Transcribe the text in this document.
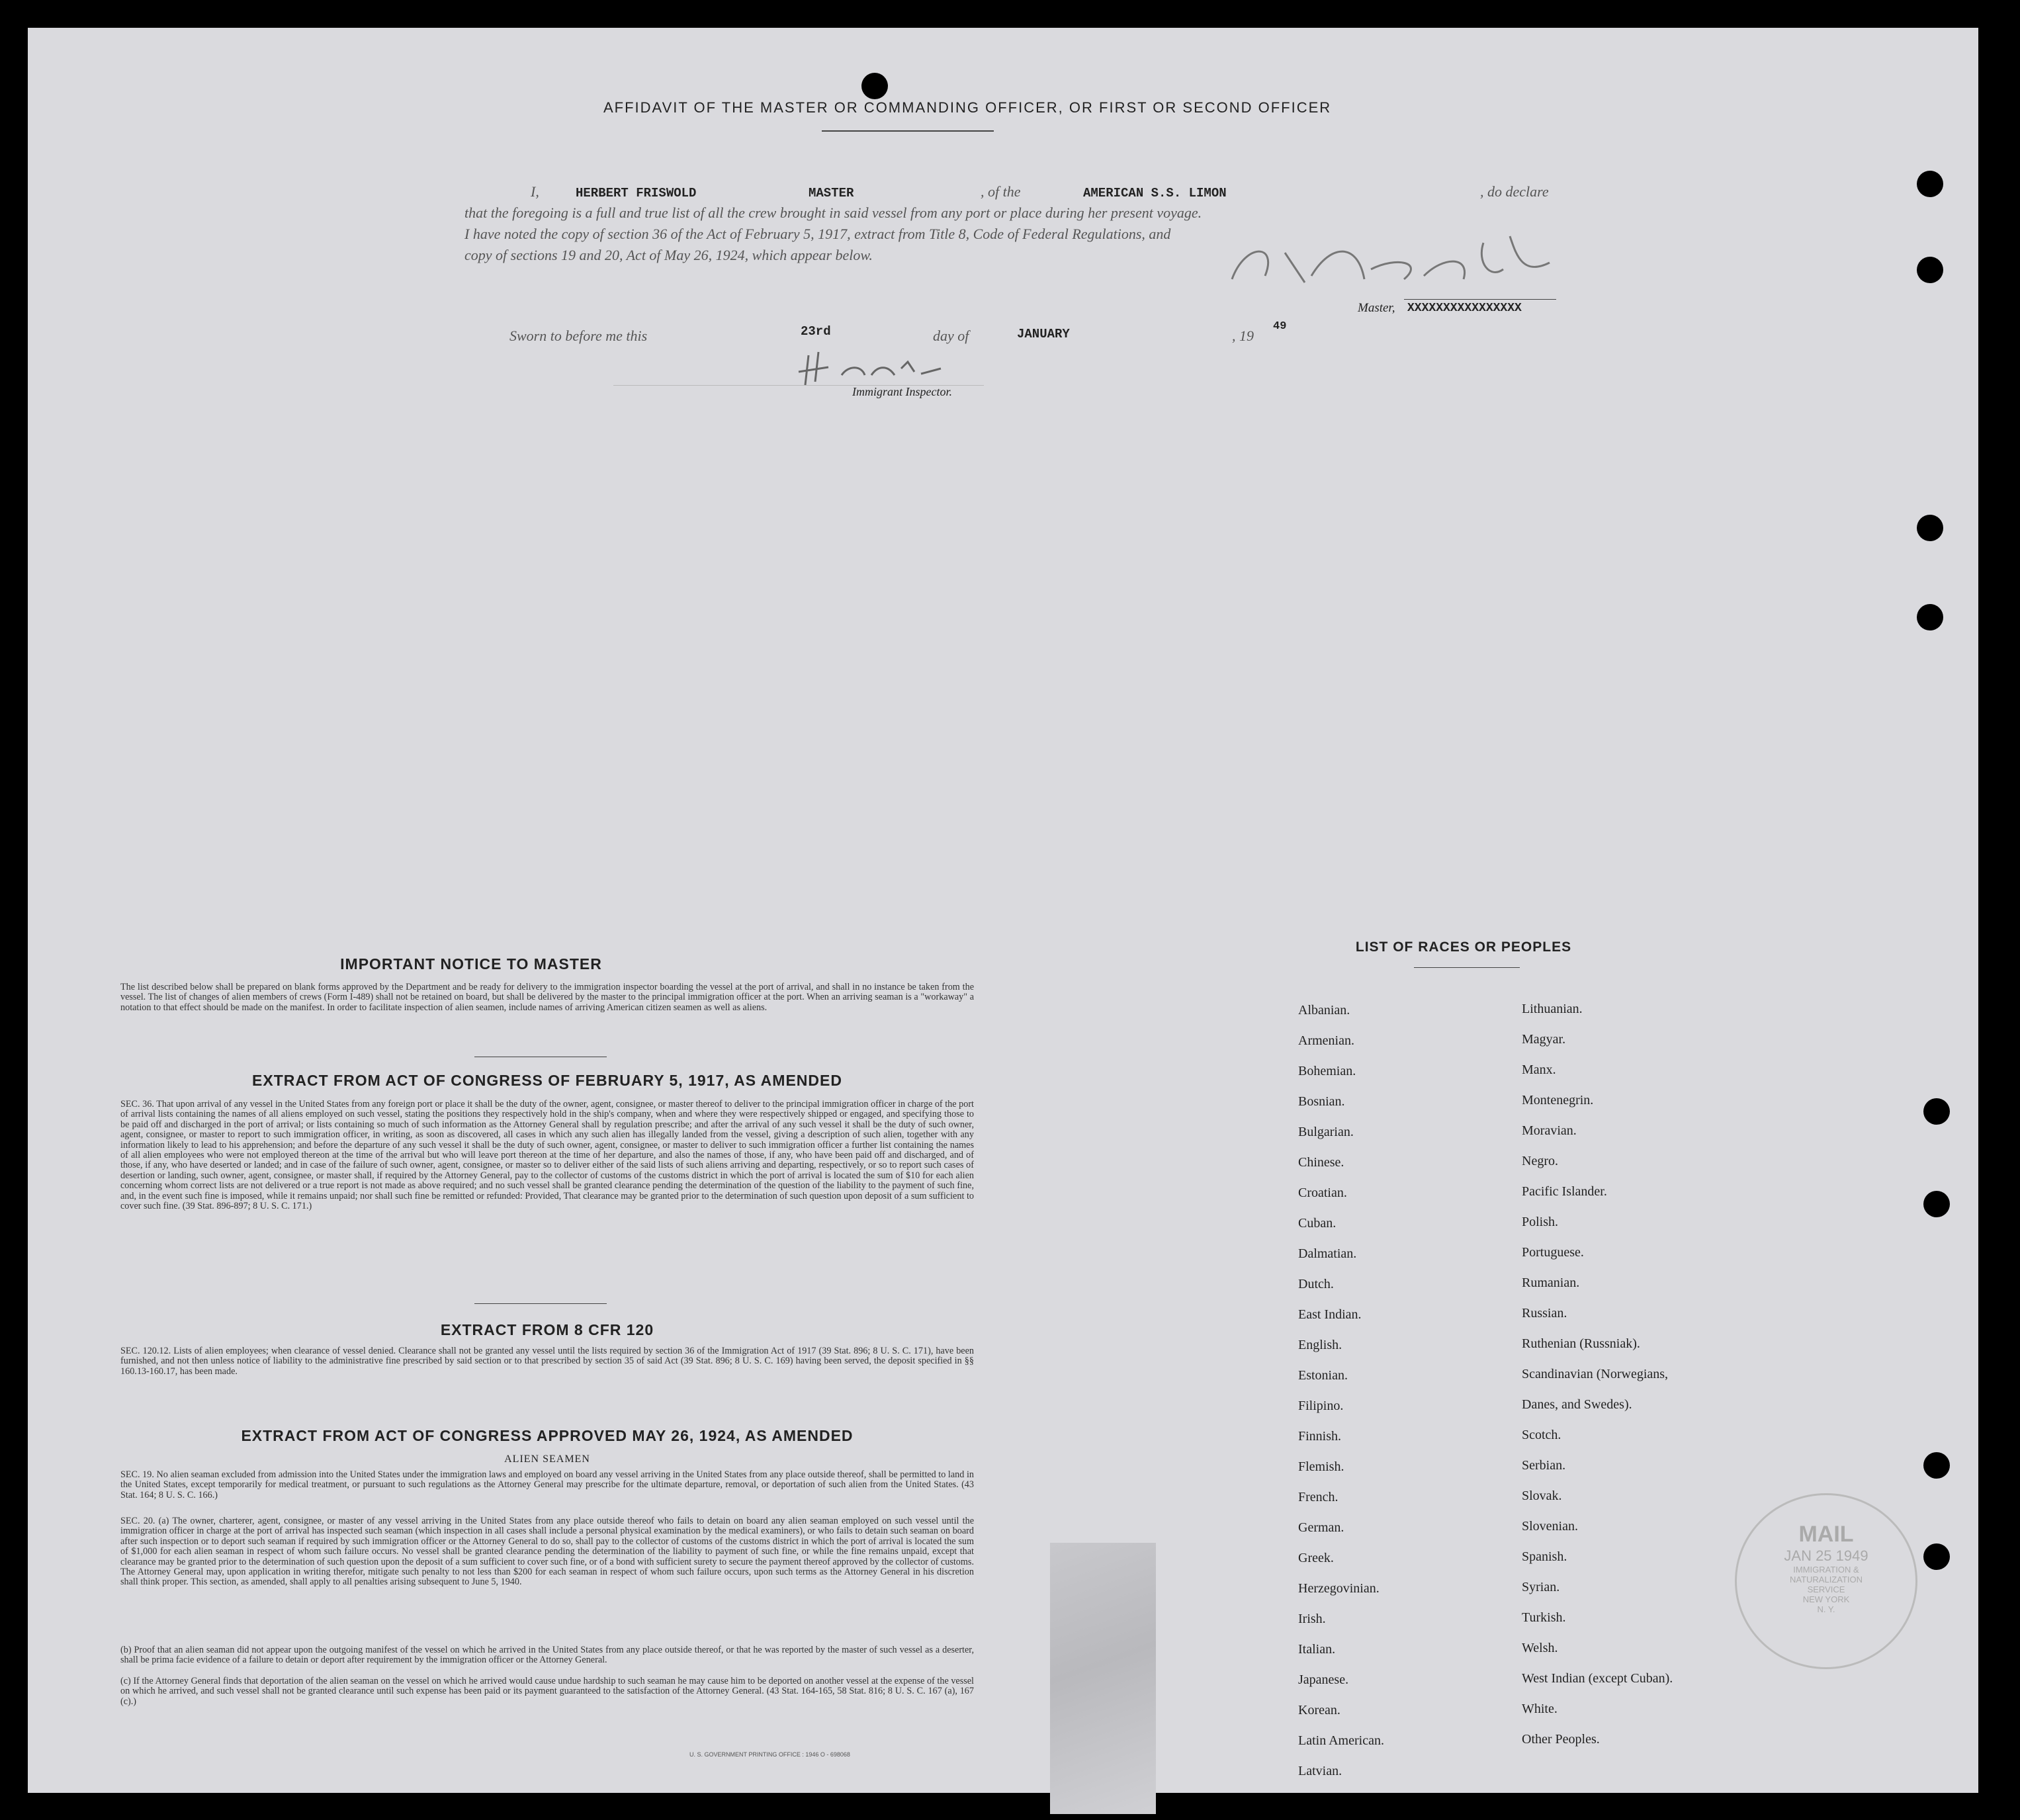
AFFIDAVIT OF THE MASTER OR COMMANDING OFFICER, OR FIRST OR SECOND OFFICER
I,	HERBERT FRISWOLD	MASTER	, of the	AMERICAN S.S. LIMON	, do declare
that the foregoing is a full and true list of all the crew brought in said vessel from any port or place during her present voyage.
I have noted the copy of section 36 of the Act of February 5, 1917, extract from Title 8, Code of Federal Regulations, and
copy of sections 19 and 20, Act of May 26, 1924, which appear below.
Master, XXXXXXXXXXXXXXXX
Sworn to before me this	23rd	day of	JANUARY	, 19
49
Immigrant Inspector.
IMPORTANT NOTICE TO MASTER
The list described below shall be prepared on blank forms approved by the Department and be ready for delivery to the immigration inspector boarding the vessel at the port of arrival, and shall in no instance be taken from the vessel. The list of changes of alien members of crews (Form I-489) shall not be retained on board, but shall be delivered by the master to the principal immigration officer at the port. When an arriving seaman is a "workaway" a notation to that effect should be made on the manifest. In order to facilitate inspection of alien seamen, include names of arriving American citizen seamen as well as aliens.
EXTRACT FROM ACT OF CONGRESS OF FEBRUARY 5, 1917, AS AMENDED
SEC. 36. That upon arrival of any vessel in the United States from any foreign port or place it shall be the duty of the owner, agent, consignee, or master thereof to deliver to the principal immigration officer in charge of the port of arrival lists containing the names of all aliens employed on such vessel, stating the positions they respectively hold in the ship's company, when and where they were respectively shipped or engaged, and specifying those to be paid off and discharged in the port of arrival; or lists containing so much of such information as the Attorney General shall by regulation prescribe; and after the arrival of any such vessel it shall be the duty of such owner, agent, consignee, or master to report to such immigration officer, in writing, as soon as discovered, all cases in which any such alien has illegally landed from the vessel, giving a description of such alien, together with any information likely to lead to his apprehension; and before the departure of any such vessel it shall be the duty of such owner, agent, consignee, or master to deliver to such immigration officer a further list containing the names of all alien employees who were not employed thereon at the time of the arrival but who will leave port thereon at the time of her departure, and also the names of those, if any, who have been paid off and discharged, and of those, if any, who have deserted or landed; and in case of the failure of such owner, agent, consignee, or master so to deliver either of the said lists of such aliens arriving and departing, respectively, or so to report such cases of desertion or landing, such owner, agent, consignee, or master shall, if required by the Attorney General, pay to the collector of customs of the customs district in which the port of arrival is located the sum of $10 for each alien concerning whom correct lists are not delivered or a true report is not made as above required; and no such vessel shall be granted clearance pending the determination of the question of the liability to the payment of such fine, and, in the event such fine is imposed, while it remains unpaid; nor shall such fine be remitted or refunded: Provided, That clearance may be granted prior to the determination of such question upon deposit of a sum sufficient to cover such fine. (39 Stat. 896-897; 8 U. S. C. 171.)
EXTRACT FROM 8 CFR 120
SEC. 120.12. Lists of alien employees; when clearance of vessel denied. Clearance shall not be granted any vessel until the lists required by section 36 of the Immigration Act of 1917 (39 Stat. 896; 8 U. S. C. 171), have been furnished, and not then unless notice of liability to the administrative fine prescribed by said section or to that prescribed by section 35 of said Act (39 Stat. 896; 8 U. S. C. 169) having been served, the deposit specified in §§ 160.13-160.17, has been made.
EXTRACT FROM ACT OF CONGRESS APPROVED MAY 26, 1924, AS AMENDED
ALIEN SEAMEN
SEC. 19. No alien seaman excluded from admission into the United States under the immigration laws and employed on board any vessel arriving in the United States from any place outside thereof, shall be permitted to land in the United States, except temporarily for medical treatment, or pursuant to such regulations as the Attorney General may prescribe for the ultimate departure, removal, or deportation of such alien from the United States. (43 Stat. 164; 8 U. S. C. 166.)
SEC. 20. (a) The owner, charterer, agent, consignee, or master of any vessel arriving in the United States from any place outside thereof who fails to detain on board any alien seaman employed on such vessel until the immigration officer in charge at the port of arrival has inspected such seaman (which inspection in all cases shall include a personal physical examination by the medical examiners), or who fails to detain such seaman on board after such inspection or to deport such seaman if required by such immigration officer or the Attorney General to do so, shall pay to the collector of customs of the customs district in which the port of arrival is located the sum of $1,000 for each alien seaman in respect of whom such failure occurs. No vessel shall be granted clearance pending the determination of the liability to payment of such fine, or while the fine remains unpaid, except that clearance may be granted prior to the determination of such question upon the deposit of a sum sufficient to cover such fine, or of a bond with sufficient surety to secure the payment thereof approved by the collector of customs. The Attorney General may, upon application in writing therefor, mitigate such penalty to not less than $200 for each seaman in respect of whom such failure occurs, upon such terms as the Attorney General in his discretion shall think proper. This section, as amended, shall apply to all penalties arising subsequent to June 5, 1940.
(b) Proof that an alien seaman did not appear upon the outgoing manifest of the vessel on which he arrived in the United States from any place outside thereof, or that he was reported by the master of such vessel as a deserter, shall be prima facie evidence of a failure to detain or deport after requirement by the immigration officer or the Attorney General.
(c) If the Attorney General finds that deportation of the alien seaman on the vessel on which he arrived would cause undue hardship to such seaman he may cause him to be deported on another vessel at the expense of the vessel on which he arrived, and such vessel shall not be granted clearance until such expense has been paid or its payment guaranteed to the satisfaction of the Attorney General. (43 Stat. 164-165, 58 Stat. 816; 8 U. S. C. 167 (a), 167 (c).)
U. S. GOVERNMENT PRINTING OFFICE : 1946 O - 698068
LIST OF RACES OR PEOPLES
Albanian.
Armenian.
Bohemian.
Bosnian.
Bulgarian.
Chinese.
Croatian.
Cuban.
Dalmatian.
Dutch.
East Indian.
English.
Estonian.
Filipino.
Finnish.
Flemish.
French.
German.
Greek.
Herzegovinian.
Irish.
Italian.
Japanese.
Korean.
Latin American.
Latvian.
Lithuanian.
Magyar.
Manx.
Montenegrin.
Moravian.
Negro.
Pacific Islander.
Polish.
Portuguese.
Rumanian.
Russian.
Ruthenian (Russniak).
Scandinavian (Norwegians,
Danes, and Swedes).
Scotch.
Serbian.
Slovak.
Slovenian.
Spanish.
Syrian.
Turkish.
Welsh.
West Indian (except Cuban).
White.
Other Peoples.
MAIL
JAN 25 1949
IMMIGRATION &
NATURALIZATION
SERVICE
NEW YORK
N. Y.
